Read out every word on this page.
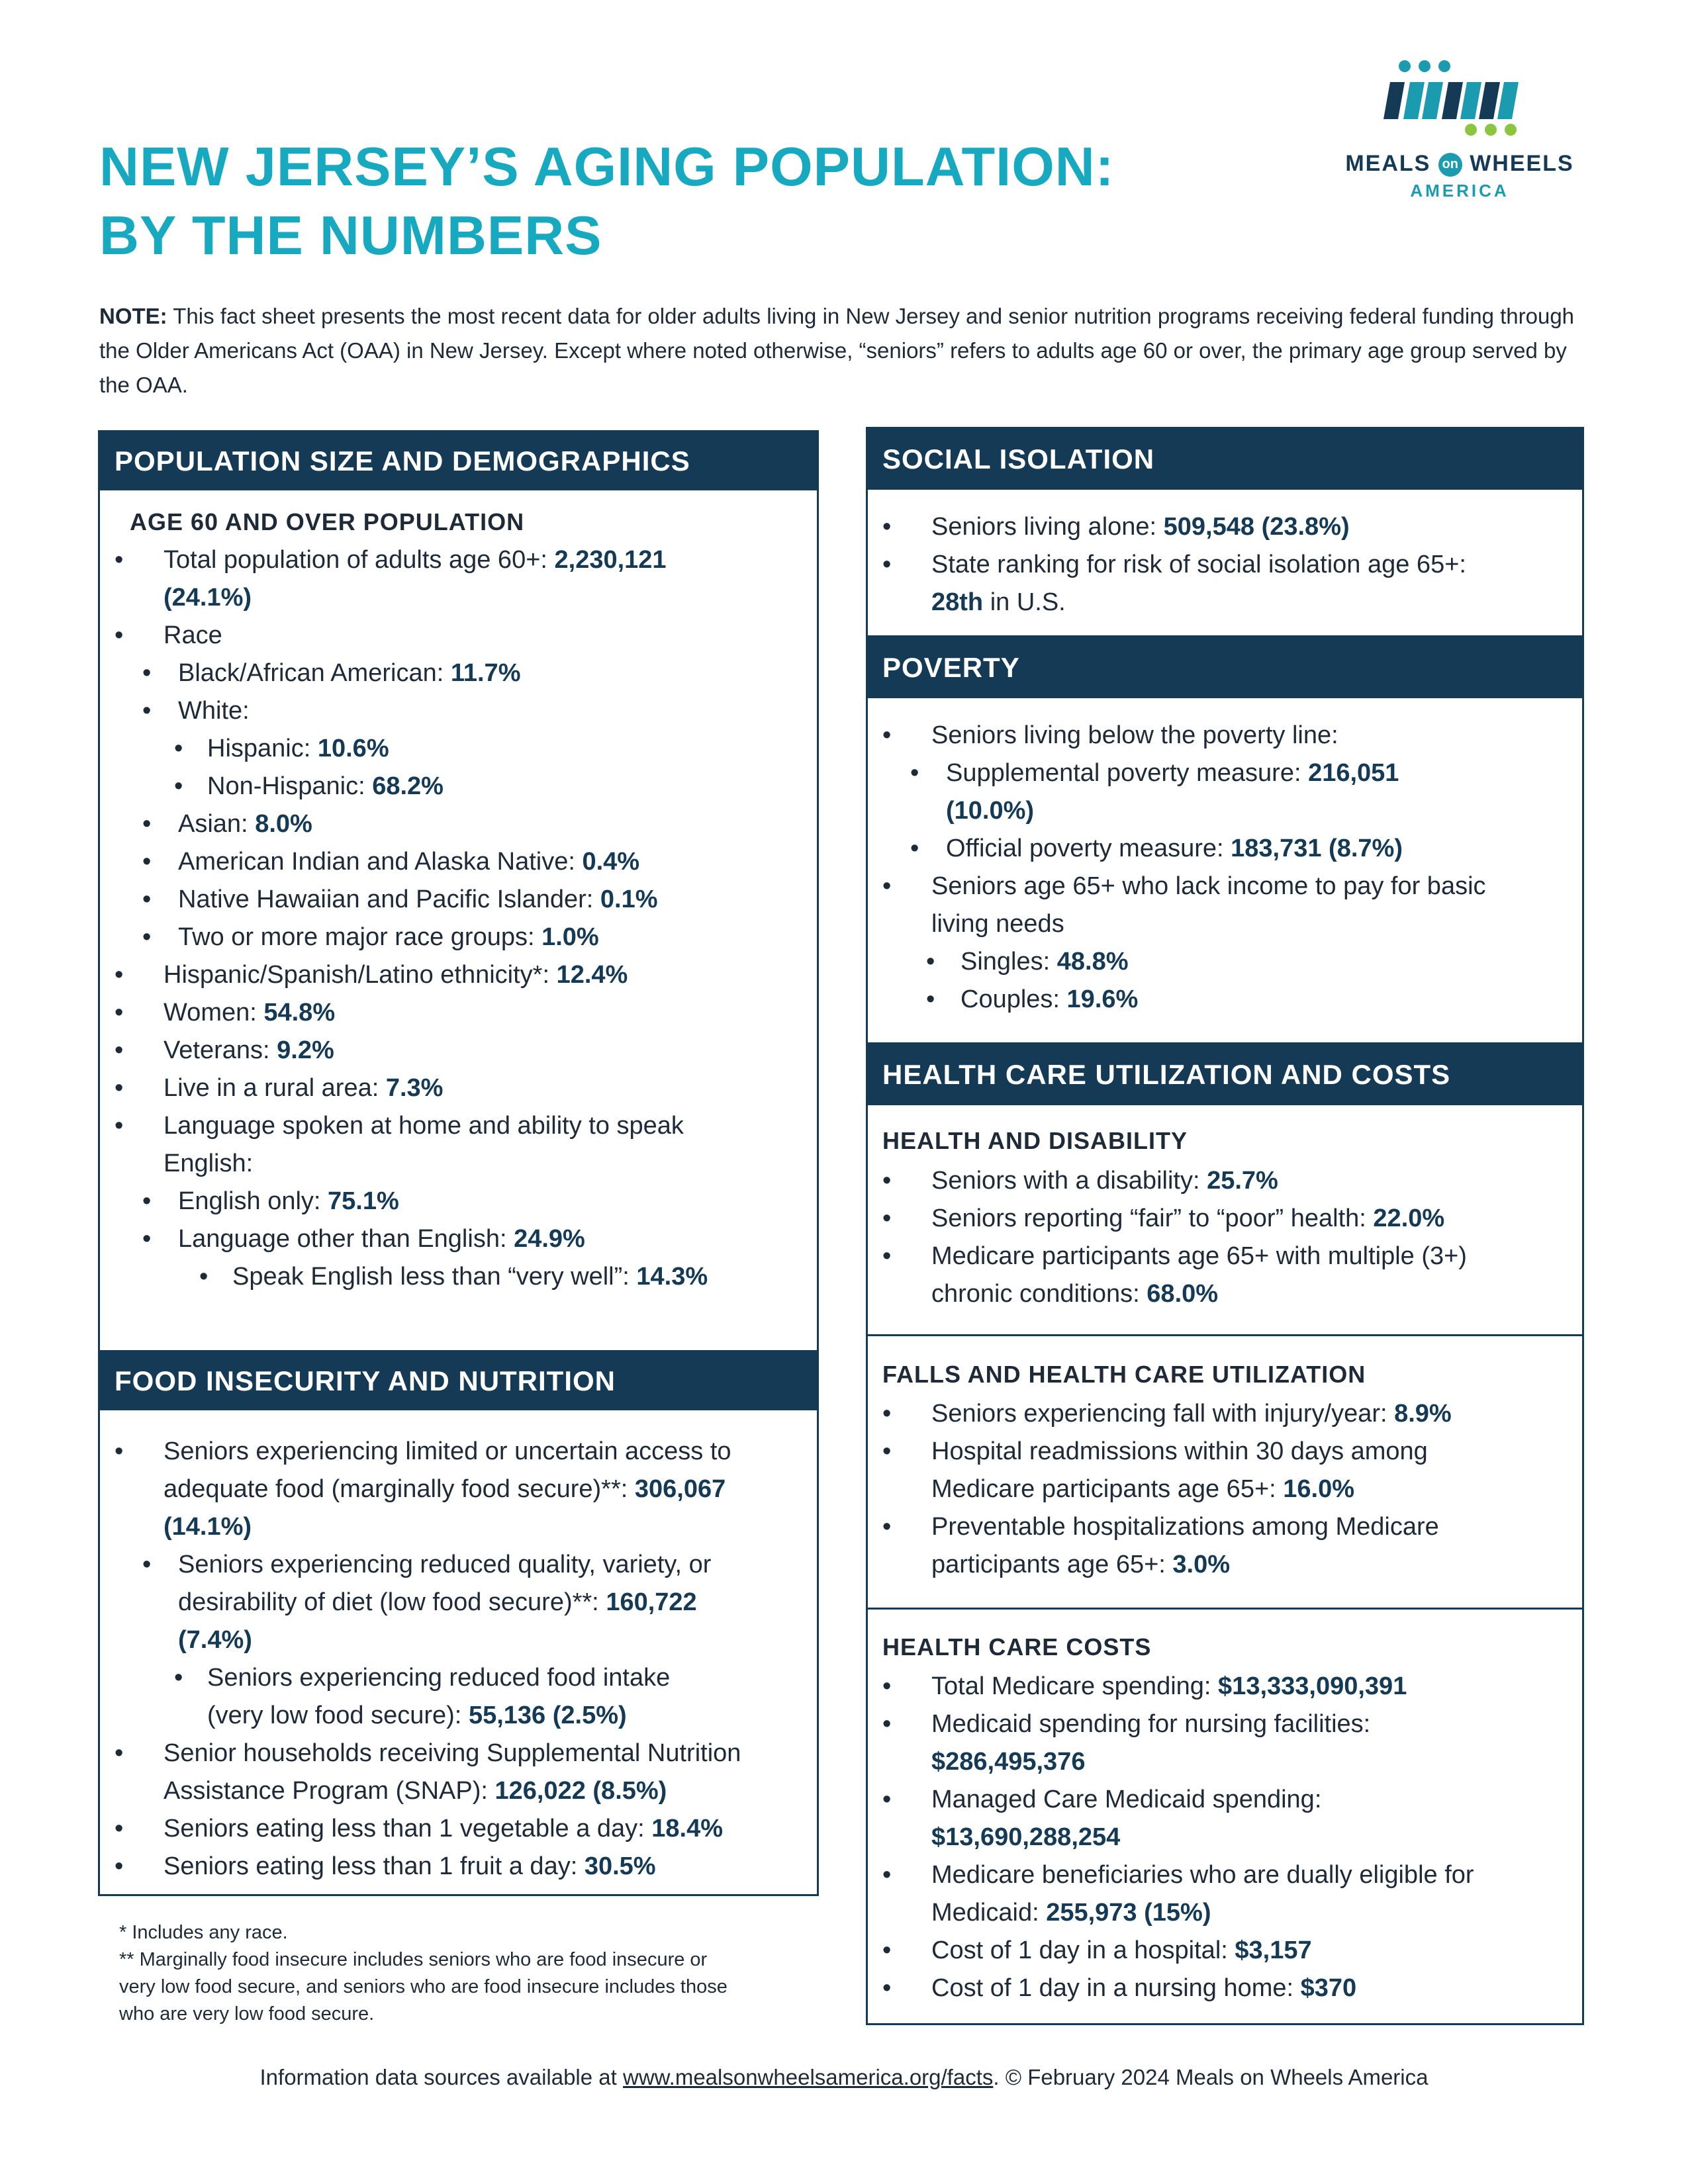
NEW JERSEY’S AGING POPULATION:
BY THE NUMBERS
MEALS on WHEELS
AMERICA

NOTE: This fact sheet presents the most recent data for older adults living in New Jersey and senior nutrition programs receiving federal funding through the Older Americans Act (OAA) in New Jersey. Except where noted otherwise, “seniors” refers to adults age 60 or over, the primary age group served by the OAA.

POPULATION SIZE AND DEMOGRAPHICS
AGE 60 AND OVER POPULATION
• Total population of adults age 60+: 2,230,121
(24.1%)
• Race
• Black/African American: 11.7%
• White:
• Hispanic: 10.6%
• Non-Hispanic: 68.2%
• Asian: 8.0%
• American Indian and Alaska Native: 0.4%
• Native Hawaiian and Pacific Islander: 0.1%
• Two or more major race groups: 1.0%
• Hispanic/Spanish/Latino ethnicity*: 12.4%
• Women: 54.8%
• Veterans: 9.2%
• Live in a rural area: 7.3%
• Language spoken at home and ability to speak
English:
• English only: 75.1%
• Language other than English: 24.9%
• Speak English less than “very well”: 14.3%
FOOD INSECURITY AND NUTRITION
• Seniors experiencing limited or uncertain access to
adequate food (marginally food secure)**: 306,067
(14.1%)
• Seniors experiencing reduced quality, variety, or
desirability of diet (low food secure)**: 160,722
(7.4%)
• Seniors experiencing reduced food intake
(very low food secure): 55,136 (2.5%)
• Senior households receiving Supplemental Nutrition
Assistance Program (SNAP): 126,022 (8.5%)
• Seniors eating less than 1 vegetable a day: 18.4%
• Seniors eating less than 1 fruit a day: 30.5%
* Includes any race.
** Marginally food insecure includes seniors who are food insecure or
very low food secure, and seniors who are food insecure includes those
who are very low food secure.
SOCIAL ISOLATION
• Seniors living alone: 509,548 (23.8%)
• State ranking for risk of social isolation age 65+:
28th in U.S.
POVERTY
• Seniors living below the poverty line:
• Supplemental poverty measure: 216,051
(10.0%)
• Official poverty measure: 183,731 (8.7%)
• Seniors age 65+ who lack income to pay for basic
living needs
• Singles: 48.8%
• Couples: 19.6%
HEALTH CARE UTILIZATION AND COSTS
HEALTH AND DISABILITY
• Seniors with a disability: 25.7%
• Seniors reporting “fair” to “poor” health: 22.0%
• Medicare participants age 65+ with multiple (3+)
chronic conditions: 68.0%
FALLS AND HEALTH CARE UTILIZATION
• Seniors experiencing fall with injury/year: 8.9%
• Hospital readmissions within 30 days among
Medicare participants age 65+: 16.0%
• Preventable hospitalizations among Medicare
participants age 65+: 3.0%
HEALTH CARE COSTS
• Total Medicare spending: $13,333,090,391
• Medicaid spending for nursing facilities:
$286,495,376
• Managed Care Medicaid spending:
$13,690,288,254
• Medicare beneficiaries who are dually eligible for
Medicaid: 255,973 (15%)
• Cost of 1 day in a hospital: $3,157
• Cost of 1 day in a nursing home: $370
Information data sources available at www.mealsonwheelsamerica.org/facts. © February 2024 Meals on Wheels America
